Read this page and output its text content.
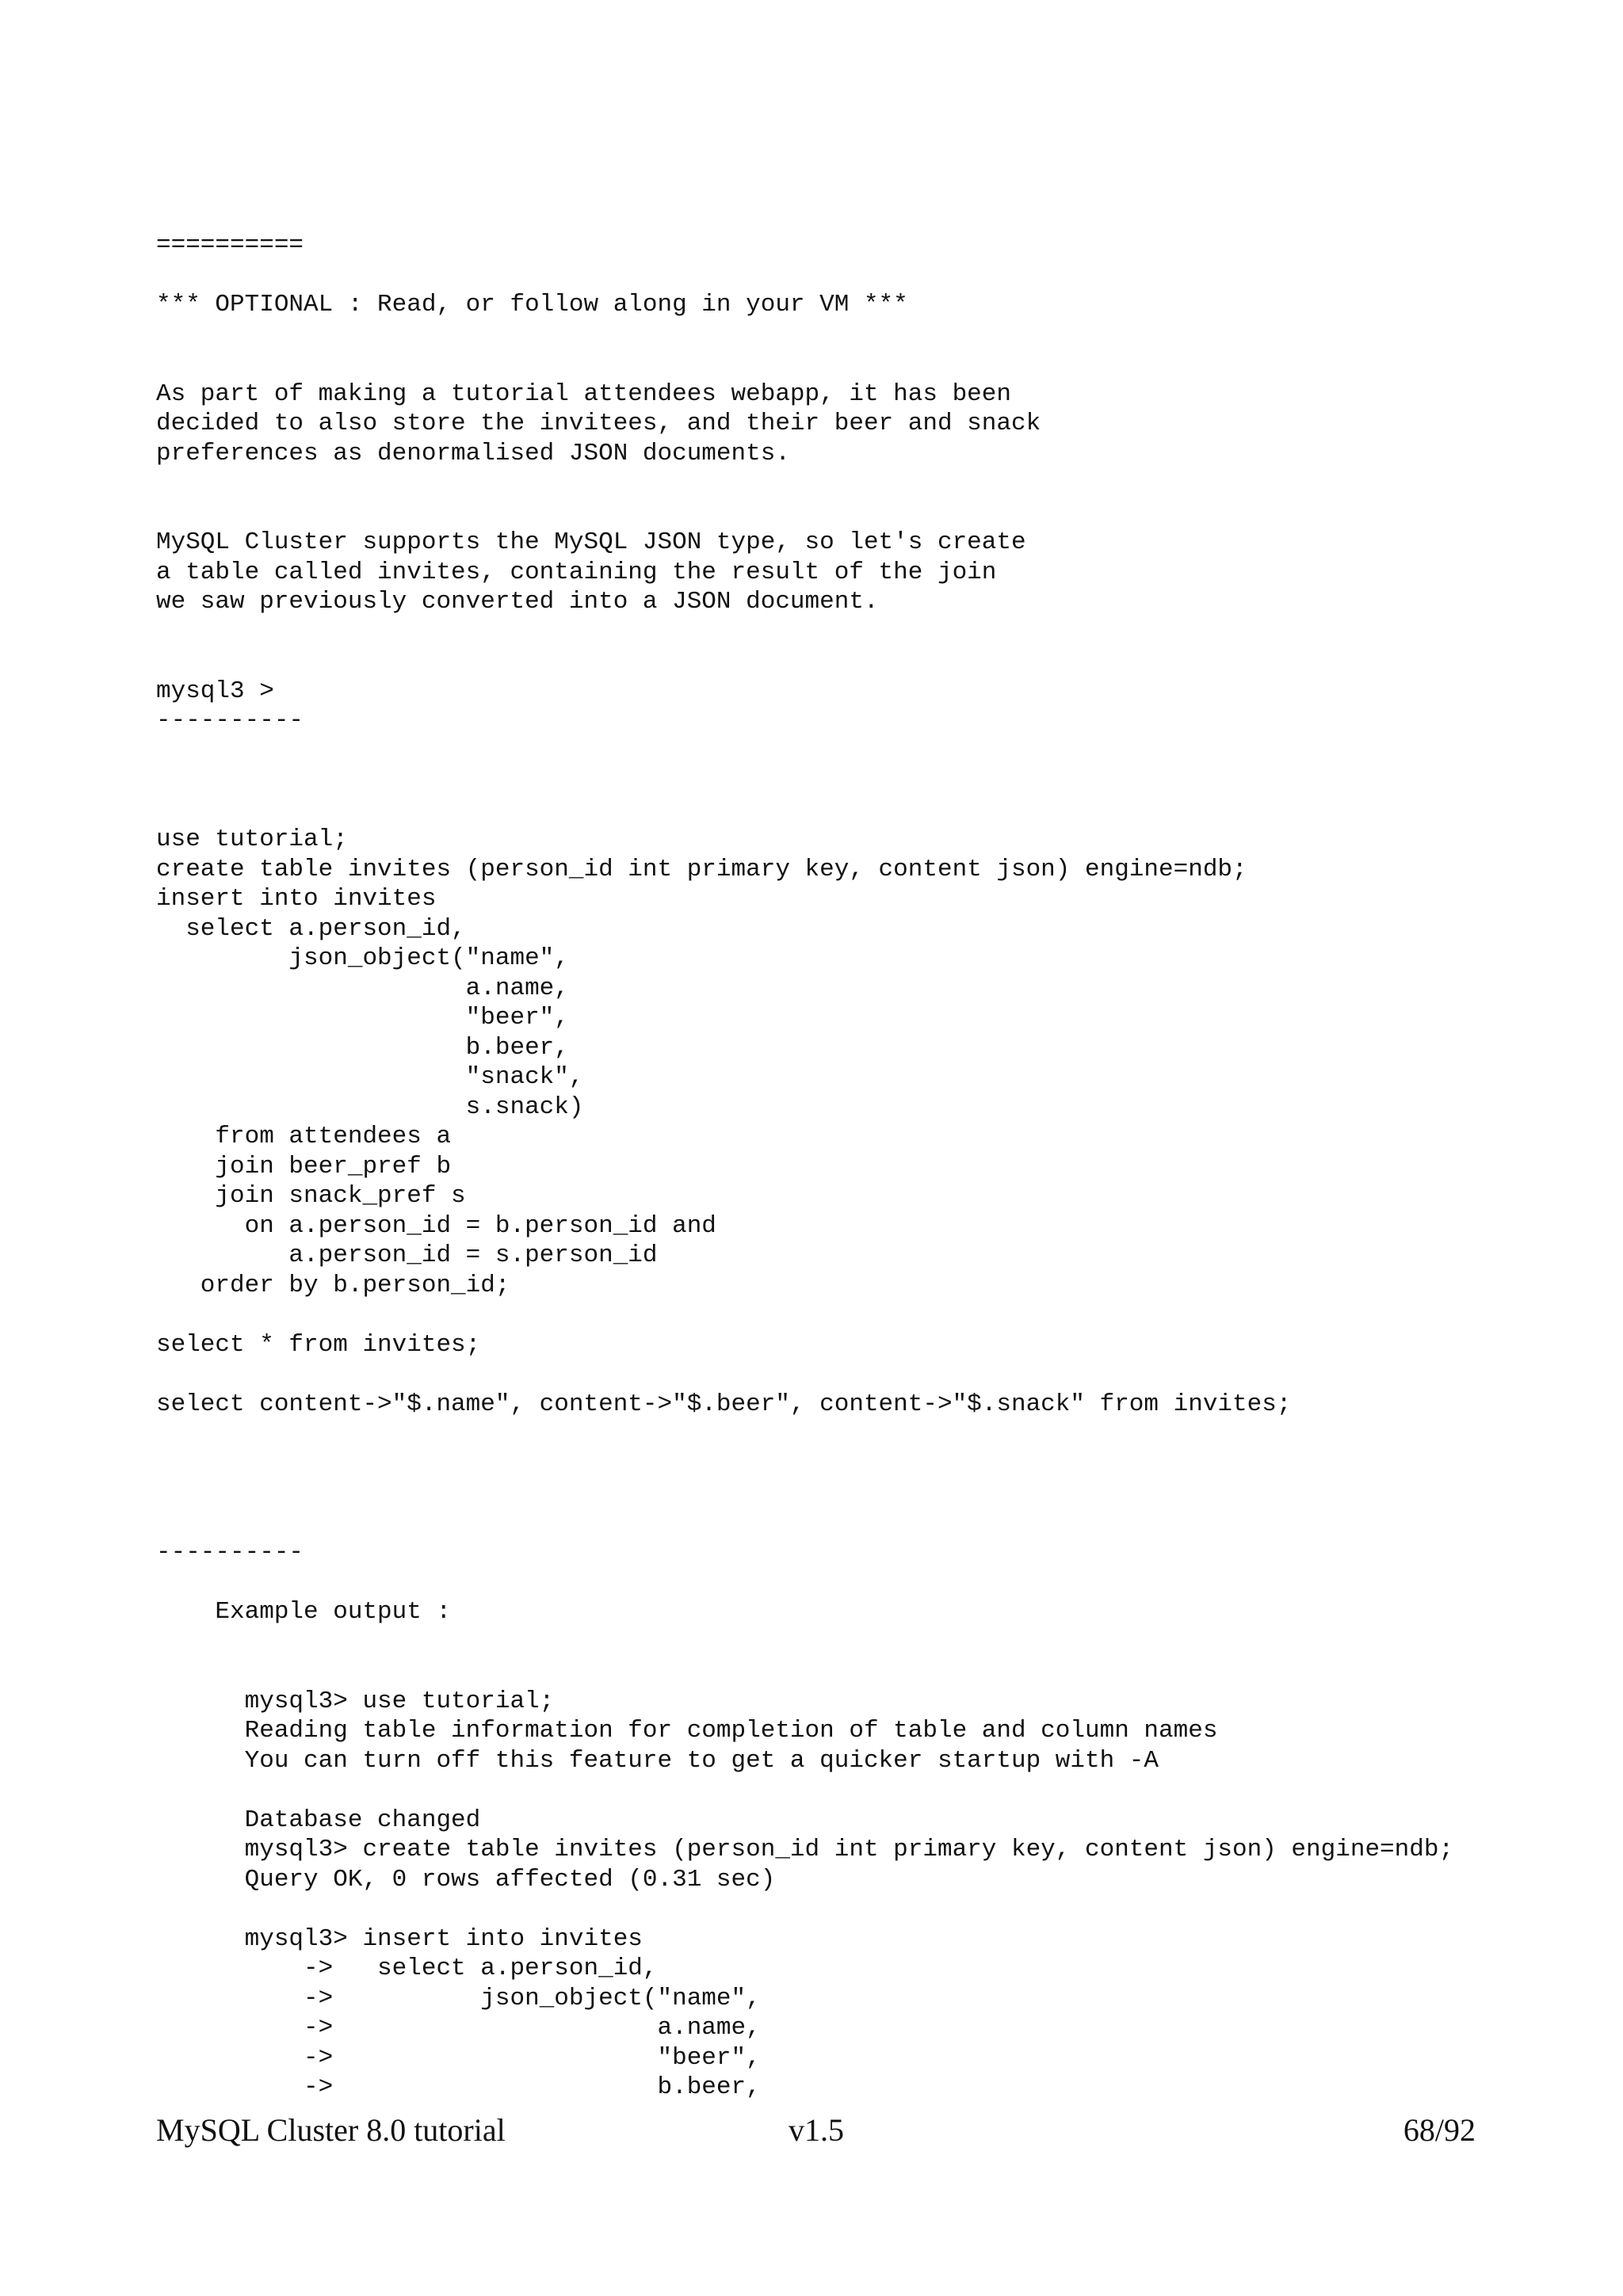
==========
*** OPTIONAL : Read, or follow along in your VM ***
As part of making a tutorial attendees webapp, it has been
decided to also store the invitees, and their beer and snack
preferences as denormalised JSON documents.
MySQL Cluster supports the MySQL JSON type, so let's create
a table called invites, containing the result of the join
we saw previously converted into a JSON document.
mysql3 >
----------
use tutorial;
create table invites (person_id int primary key, content json) engine=ndb;
insert into invites
select a.person_id,
json_object("name",
a.name,
"beer",
b.beer,
"snack",
s.snack)
from attendees a
join beer_pref b
join snack_pref s
on a.person_id = b.person_id and
a.person_id = s.person_id
order by b.person_id;
select * from invites;
select content->"$.name", content->"$.beer", content->"$.snack" from invites;
----------
Example output :
mysql3> use tutorial;
Reading table information for completion of table and column names
You can turn off this feature to get a quicker startup with -A
Database changed
mysql3> create table invites (person_id int primary key, content json) engine=ndb;
Query OK, 0 rows affected (0.31 sec)
mysql3> insert into invites
->   select a.person_id,
->          json_object("name",
->                      a.name,
->                      "beer",
->                      b.beer,
MySQL Cluster 8.0 tutorial	v1.5	68/92
